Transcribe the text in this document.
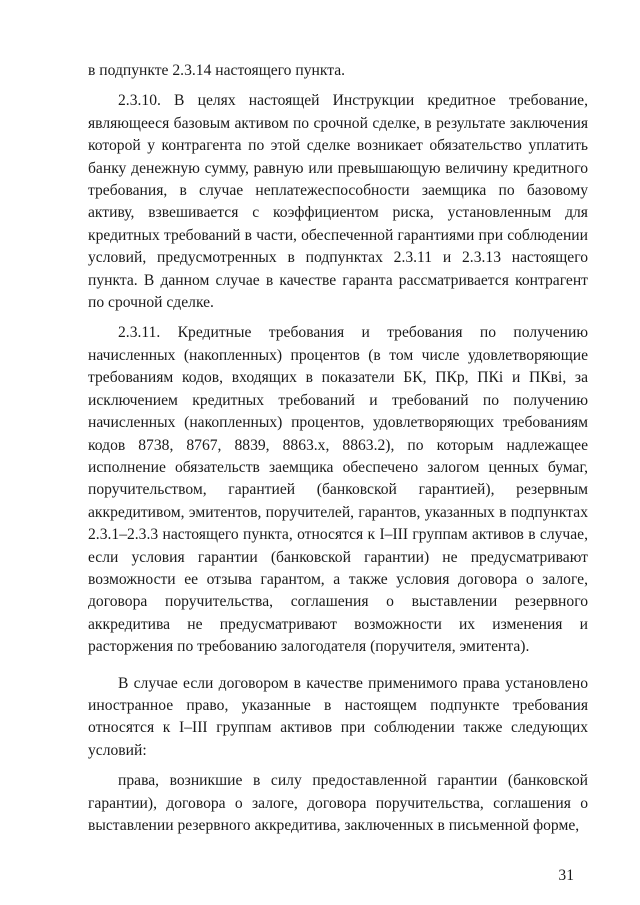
в подпункте 2.3.14 настоящего пункта.

2.3.10. В целях настоящей Инструкции кредитное требование, являющееся базовым активом по срочной сделке, в результате заключения которой у контрагента по этой сделке возникает обязательство уплатить банку денежную сумму, равную или превышающую величину кредитного требования, в случае неплатежеспособности заемщика по базовому активу, взвешивается с коэффициентом риска, установленным для кредитных требований в части, обеспеченной гарантиями при соблюдении условий, предусмотренных в подпунктах 2.3.11 и 2.3.13 настоящего пункта. В данном случае в качестве гаранта рассматривается контрагент по срочной сделке.

2.3.11. Кредитные требования и требования по получению начисленных (накопленных) процентов (в том числе удовлетворяющие требованиям кодов, входящих в показатели БК, ПКр, ПКi и ПКвi, за исключением кредитных требований и требований по получению начисленных (накопленных) процентов, удовлетворяющих требованиям кодов 8738, 8767, 8839, 8863.x, 8863.2), по которым надлежащее исполнение обязательств заемщика обеспечено залогом ценных бумаг, поручительством, гарантией (банковской гарантией), резервным аккредитивом, эмитентов, поручителей, гарантов, указанных в подпунктах 2.3.1–2.3.3 настоящего пункта, относятся к I–III группам активов в случае, если условия гарантии (банковской гарантии) не предусматривают возможности ее отзыва гарантом, а также условия договора о залоге, договора поручительства, соглашения о выставлении резервного аккредитива не предусматривают возможности их изменения и расторжения по требованию залогодателя (поручителя, эмитента).

В случае если договором в качестве применимого права установлено иностранное право, указанные в настоящем подпункте требования относятся к I–III группам активов при соблюдении также следующих условий:

права, возникшие в силу предоставленной гарантии (банковской гарантии), договора о залоге, договора поручительства, соглашения о выставлении резервного аккредитива, заключенных в письменной форме,

31
